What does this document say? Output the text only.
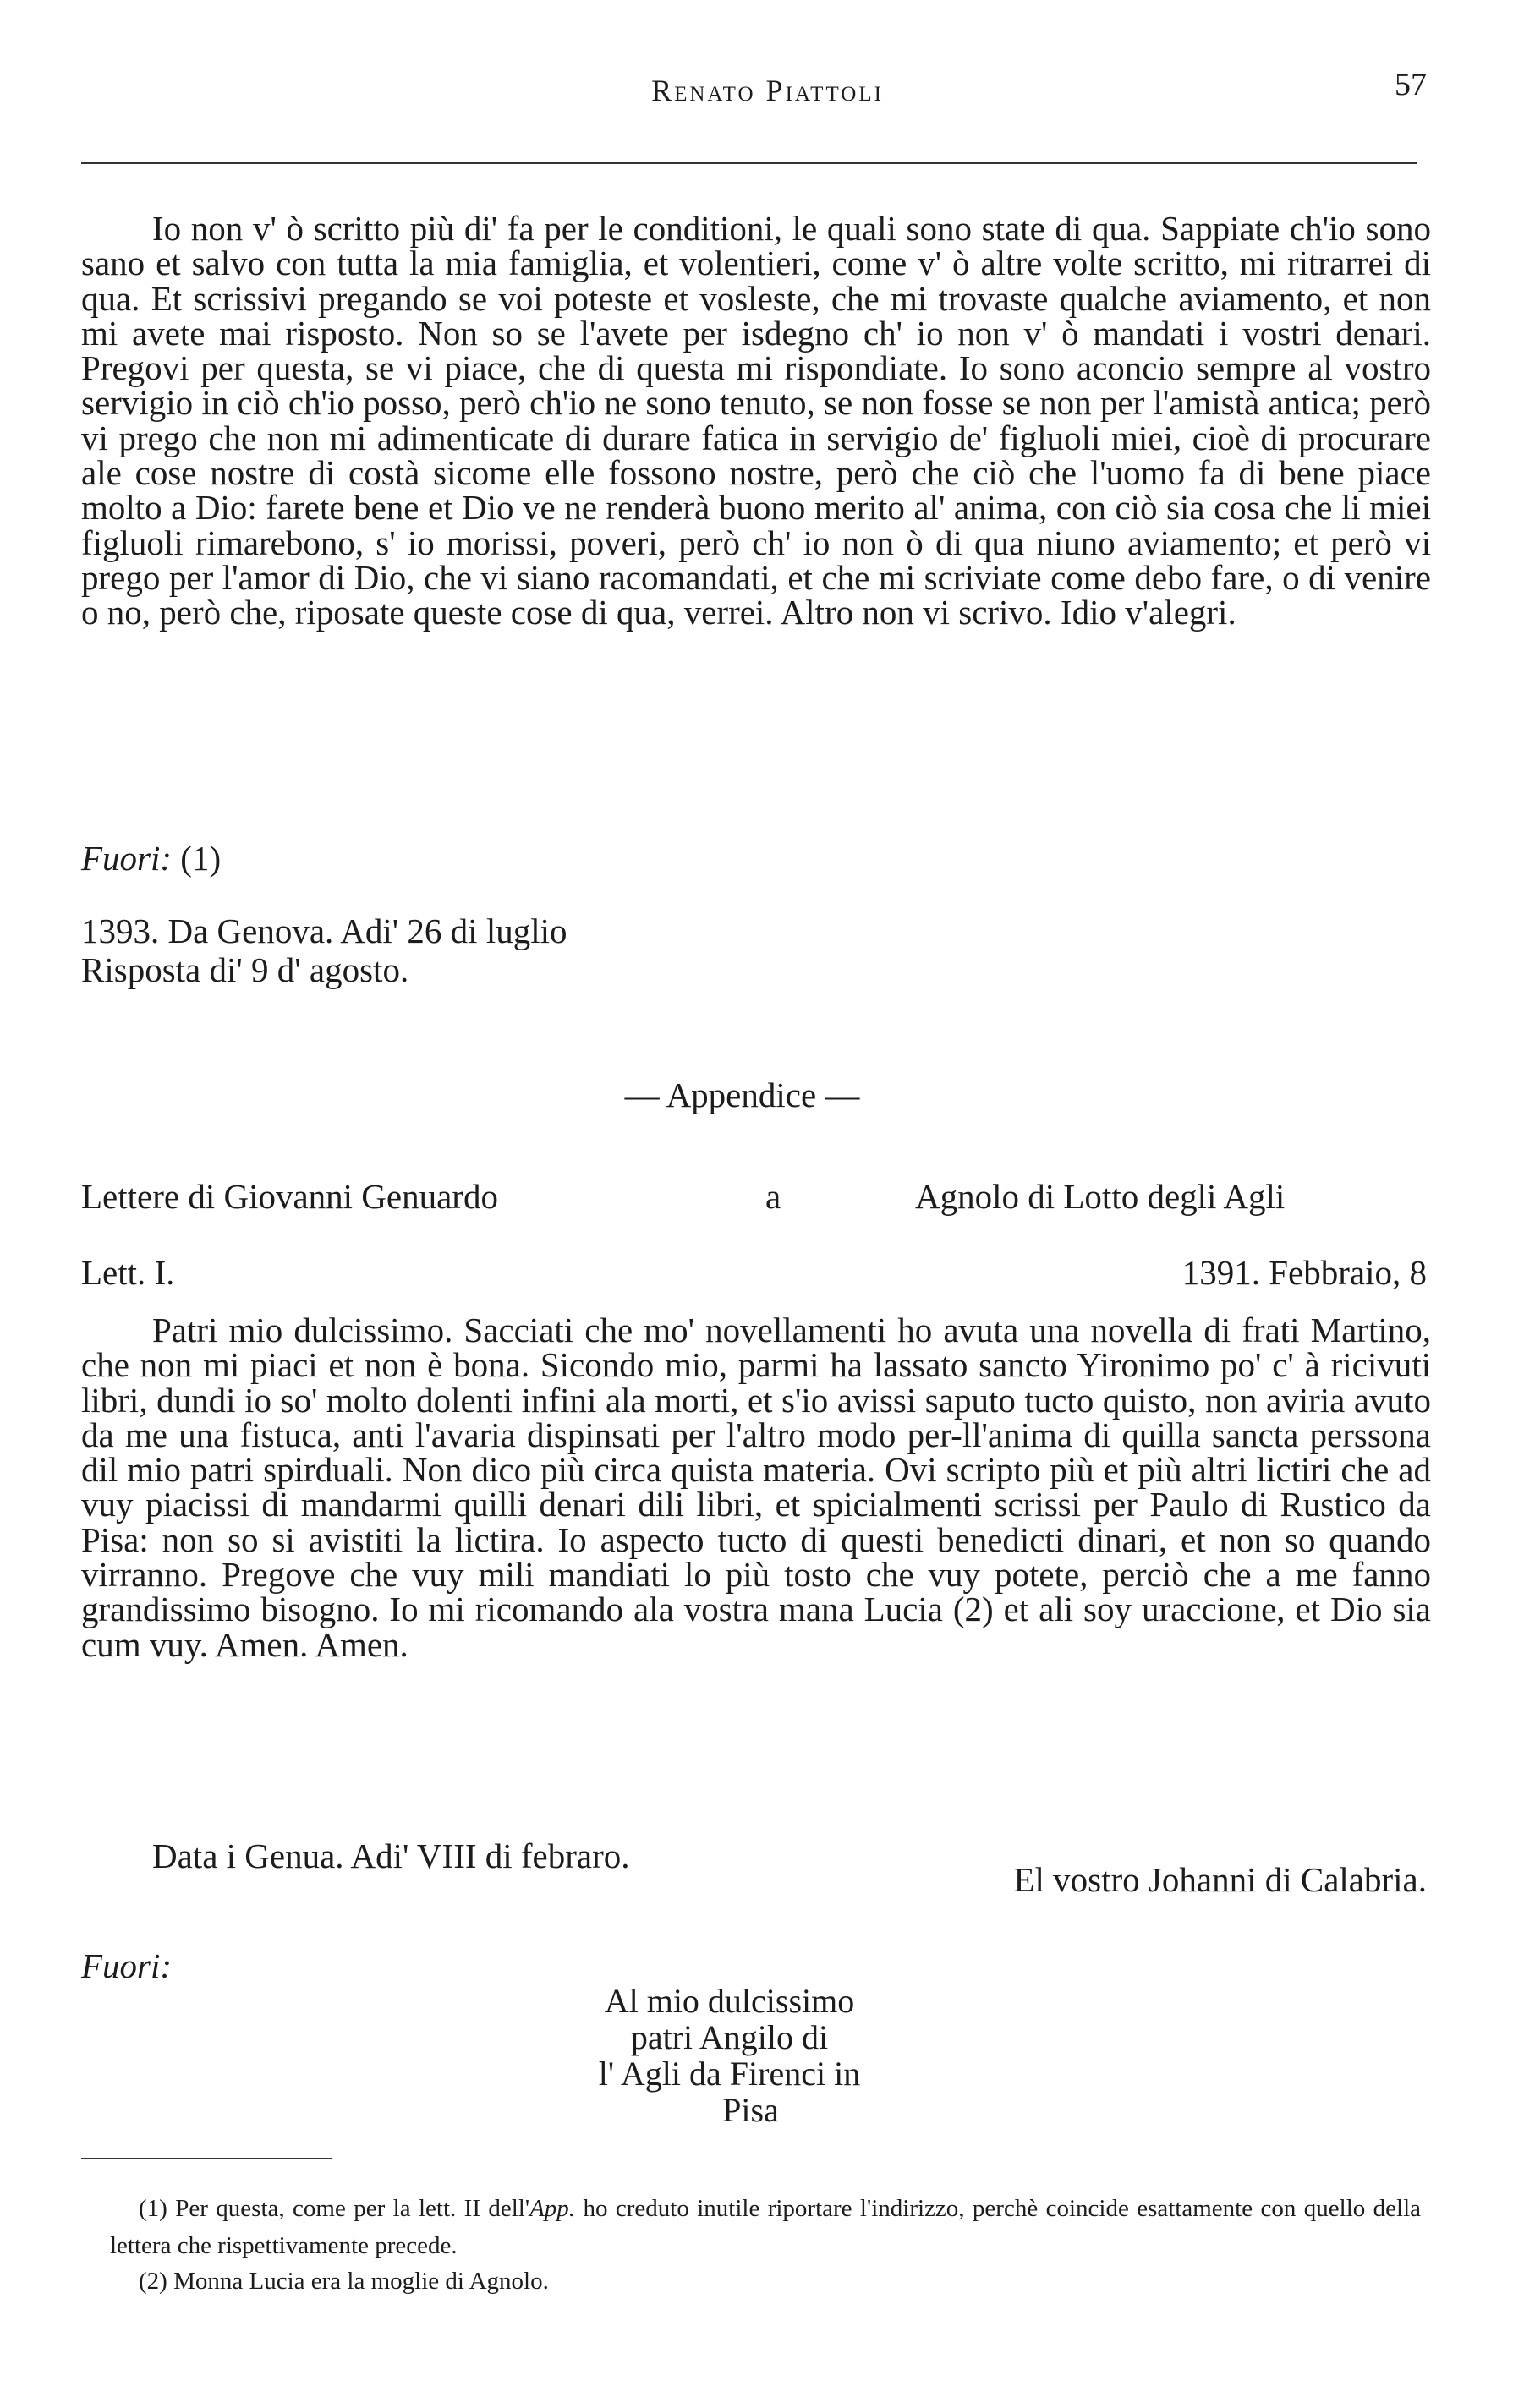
Renato Piattoli	57

Io non v' ò scritto più di' fa per le conditioni, le quali sono state di qua. Sappiate ch'io sono sano et salvo con tutta la mia famiglia, et volentieri, come v' ò altre volte scritto, mi ritrarrei di qua. Et scrissivi pregando se voi poteste et vosleste, che mi trovaste qualche aviamento, et non mi avete mai risposto. Non so se l'avete per isdegno ch' io non v' ò mandati i vostri denari. Pregovi per questa, se vi piace, che di questa mi rispondiate. Io sono aconcio sempre al vostro servigio in ciò ch'io posso, però ch'io ne sono tenuto, se non fosse se non per l'amistà antica; però vi prego che non mi adimenticate di durare fatica in servigio de' figluoli miei, cioè di procurare ale cose nostre di costà sicome elle fossono nostre, però che ciò che l'uomo fa di bene piace molto a Dio: farete bene et Dio ve ne renderà buono merito al' anima, con ciò sia cosa che li miei figluoli rimarebono, s' io morissi, poveri, però ch' io non ò di qua niuno aviamento; et però vi prego per l'amor di Dio, che vi siano racomandati, et che mi scriviate come debo fare, o di venire o no, però che, riposate queste cose di qua, verrei. Altro non vi scrivo. Idio v'alegri.

Fuori: (1)
1393. Da Genova. Adi' 26 di luglio
Risposta di' 9 d' agosto.
— Appendice —
Lettere di Giovanni Genuardo	a	Agnolo di Lotto degli Agli
Lett. I.	1391. Febbraio, 8

Patri mio dulcissimo. Sacciati che mo' novellamenti ho avuta una novella di frati Martino, che non mi piaci et non è bona. Sicondo mio, parmi ha lassato sancto Yironimo po' c' à ricivuti libri, dundi io so' molto dolenti infini ala morti, et s'io avissi saputo tucto quisto, non aviria avuto da me una fistuca, anti l'avaria dispinsati per l'altro modo per-ll'anima di quilla sancta perssona dil mio patri spirduali. Non dico più circa quista materia. Ovi scripto più et più altri lictiri che ad vuy piacissi di mandarmi quilli denari dili libri, et spicialmenti scrissi per Paulo di Rustico da Pisa: non so si avistiti la lictira. Io aspecto tucto di questi benedicti dinari, et non so quando virranno. Pregove che vuy mili mandiati lo più tosto che vuy potete, perciò che a me fanno grandissimo bisogno. Io mi ricomando ala vostra mana Lucia (2) et ali soy uraccione, et Dio sia cum vuy. Amen. Amen.

Data i Genua. Adi' VIII di febraro.
El vostro Johanni di Calabria.
Fuori:
Al mio dulcissimo
patri Angilo di
l' Agli da Firenci in
Pisa

(1) Per questa, come per la lett. II dell'App. ho creduto inutile riportare l'indirizzo, perchè coincide esattamente con quello della lettera che rispettivamente precede.

(2) Monna Lucia era la moglie di Agnolo.
